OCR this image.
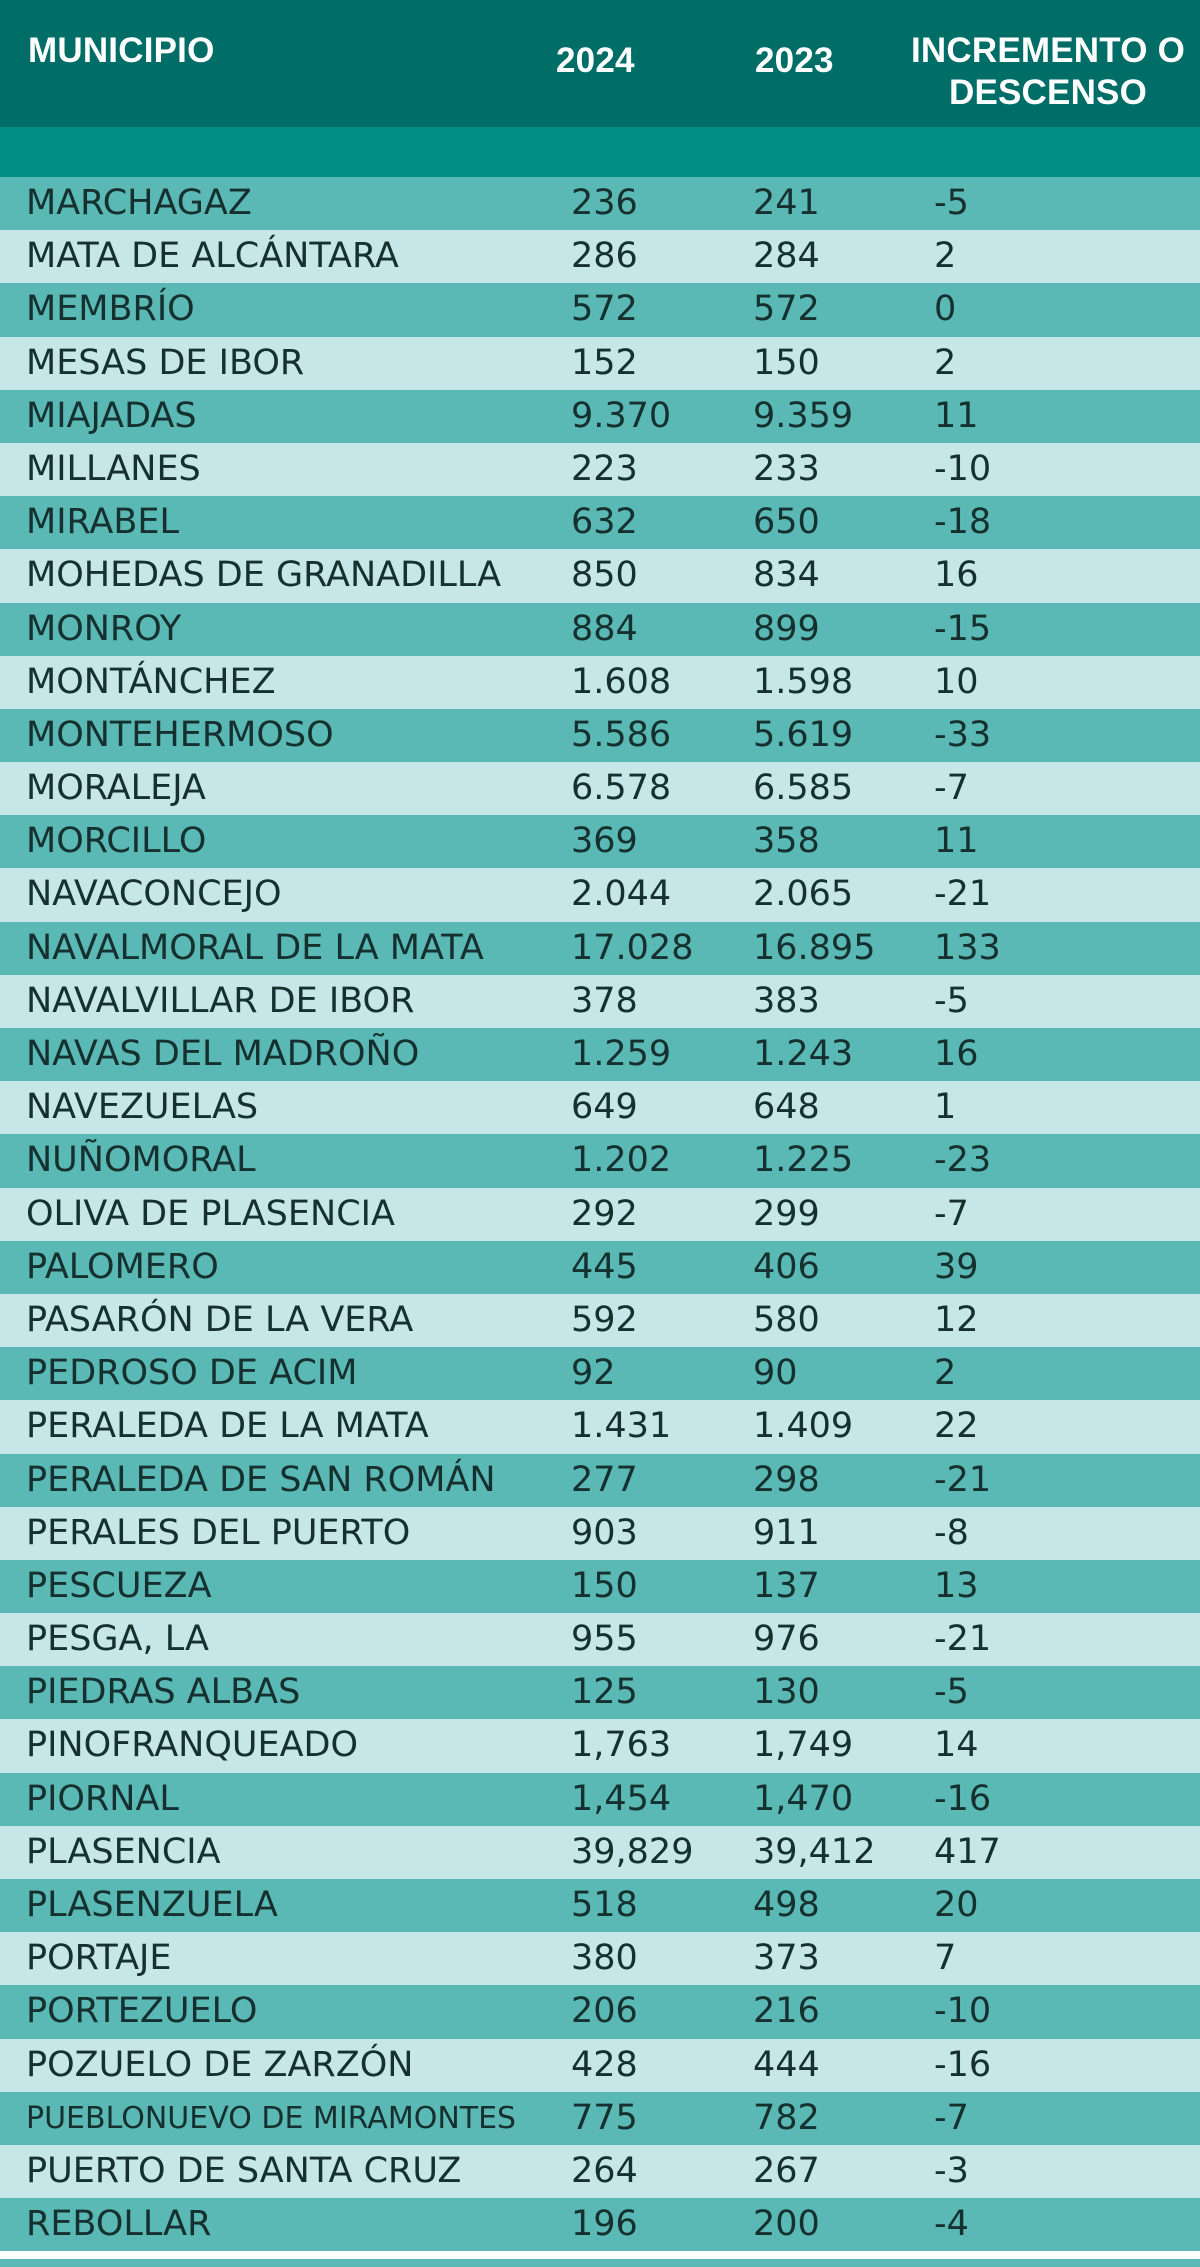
MUNICIPIO	2024	2023	INCREMENTO O DESCENSO
MARCHAGAZ	236	241	-5
MATA DE ALCÁNTARA	286	284	2
MEMBRÍO	572	572	0
MESAS DE IBOR	152	150	2
MIAJADAS	9.370 9.359 11
MILLANES	223	233	-10
MIRABEL	632	650	-18
MOHEDAS DE GRANADILLA 850	834	16
MONROY	884	899	-15
MONTÁNCHEZ	1.608 1.598 10
MONTEHERMOSO	5.586 5.619 -33
MORALEJA	6.578 6.585 -7
MORCILLO	369	358	11
NAVACONCEJO	2.044 2.065 -21
NAVALMORAL DE LA MATA 17.028 16.895 133
NAVALVILLAR DE IBOR	378	383	-5
NAVAS DEL MADROÑO	1.259 1.243 16
NAVEZUELAS	649	648	1
NUÑOMORAL	1.202 1.225 -23
OLIVA DE PLASENCIA	292	299	-7
PALOMERO	445	406	39
PASARÓN DE LA VERA	592	580	12
PEDROSO DE ACIM	92	90	2
PERALEDA DE LA MATA	1.431 1.409 22
PERALEDA DE SAN ROMÁN 277	298	-21
PERALES DEL PUERTO	903	911	-8
PESCUEZA	150	137	13
PESGA, LA	955	976	-21
PIEDRAS ALBAS	125	130	-5
PINOFRANQUEADO	1,763 1,749 14
PIORNAL	1,454 1,470 -16
PLASENCIA	39,829 39,412 417
PLASENZUELA	518	498	20
PORTAJE	380	373	7
PORTEZUELO	206	216	-10
POZUELO DE ZARZÓN	428	444	-16
PUEBLONUEVO DE MIRAMONTES 775	782	-7
PUERTO DE SANTA CRUZ	264	267	-3
REBOLLAR	196	200	-4
